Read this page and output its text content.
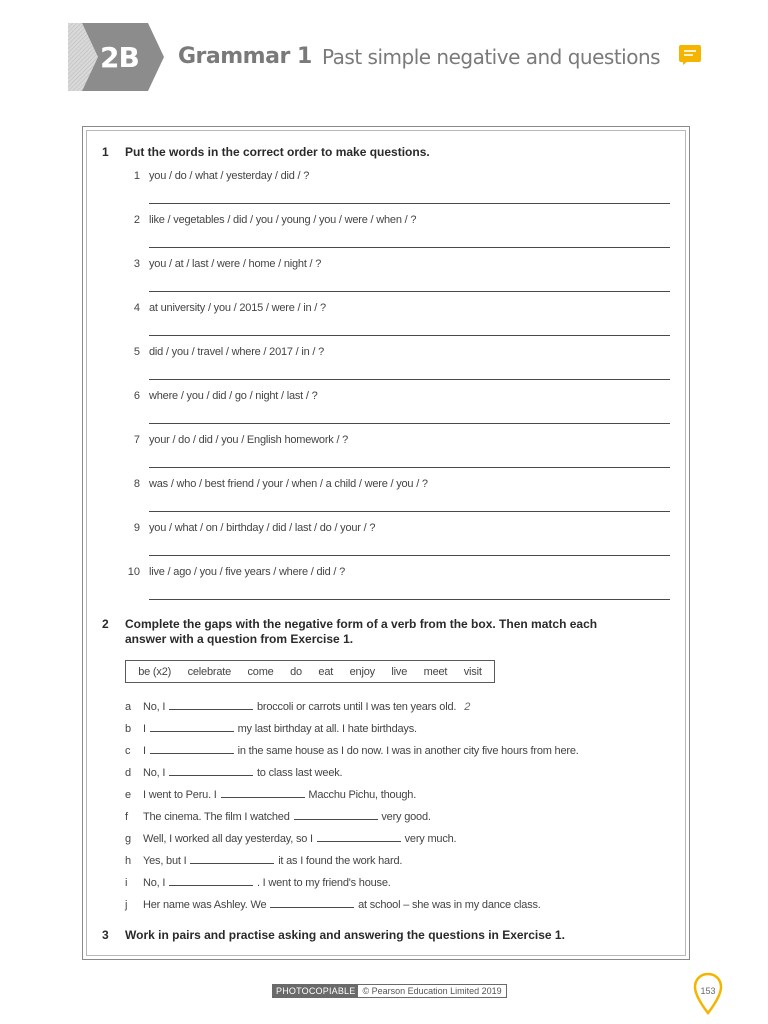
2B	Grammar 1 Past simple negative and questions
1 Put the words in the correct order to make questions.
1 you / do / what / yesterday / did / ?
2 like / vegetables / did / you / young / you / were / when / ?
3 you / at / last / were / home / night / ?
4 at university / you / 2015 / were / in / ?
5 did / you / travel / where / 2017 / in / ?
6 where / you / did / go / night / last / ?
7 your / do / did / you / English homework / ?
8 was / who / best friend / your / when / a child / were / you / ?
9 you / what / on / birthday / did / last / do / your / ?
10 live / ago / you / five years / where / did / ?
2 Complete the gaps with the negative form of a verb from the box. Then match each
answer with a question from Exercise 1.
be (x2) celebrate come do eat enjoy live meet visit
a	No, I	broccoli or carrots until I was ten years old. 2
b	I	my last birthday at all. I hate birthdays.
c	I	in the same house as I do now. I was in another city five hours from here.
d	No, I	to class last week.
e	I went to Peru. I	Macchu Pichu, though.
f	The cinema. The film I watched	very good.
g	Well, I worked all day yesterday, so I	very much.
h	Yes, but I	it as I found the work hard.
i	No, I	. I went to my friend's house.
j	Her name was Ashley. We	at school – she was in my dance class.
3 Work in pairs and practise asking and answering the questions in Exercise 1.
PHOTOCOPIABLE © Pearson Education Limited 2019	153
